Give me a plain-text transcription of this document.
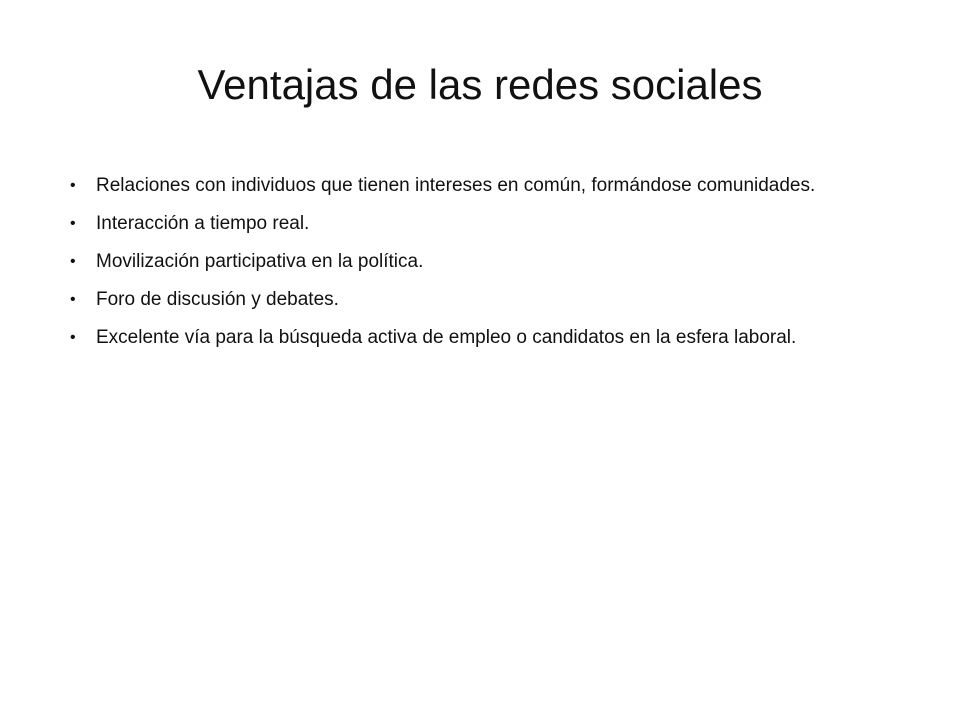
Ventajas de las redes sociales
•	Relaciones con individuos que tienen intereses en común, formándose comunidades.
•	Interacción a tiempo real.
•	Movilización participativa en la política.
•	Foro de discusión y debates.
•	Excelente vía para la búsqueda activa de empleo o candidatos en la esfera laboral.
